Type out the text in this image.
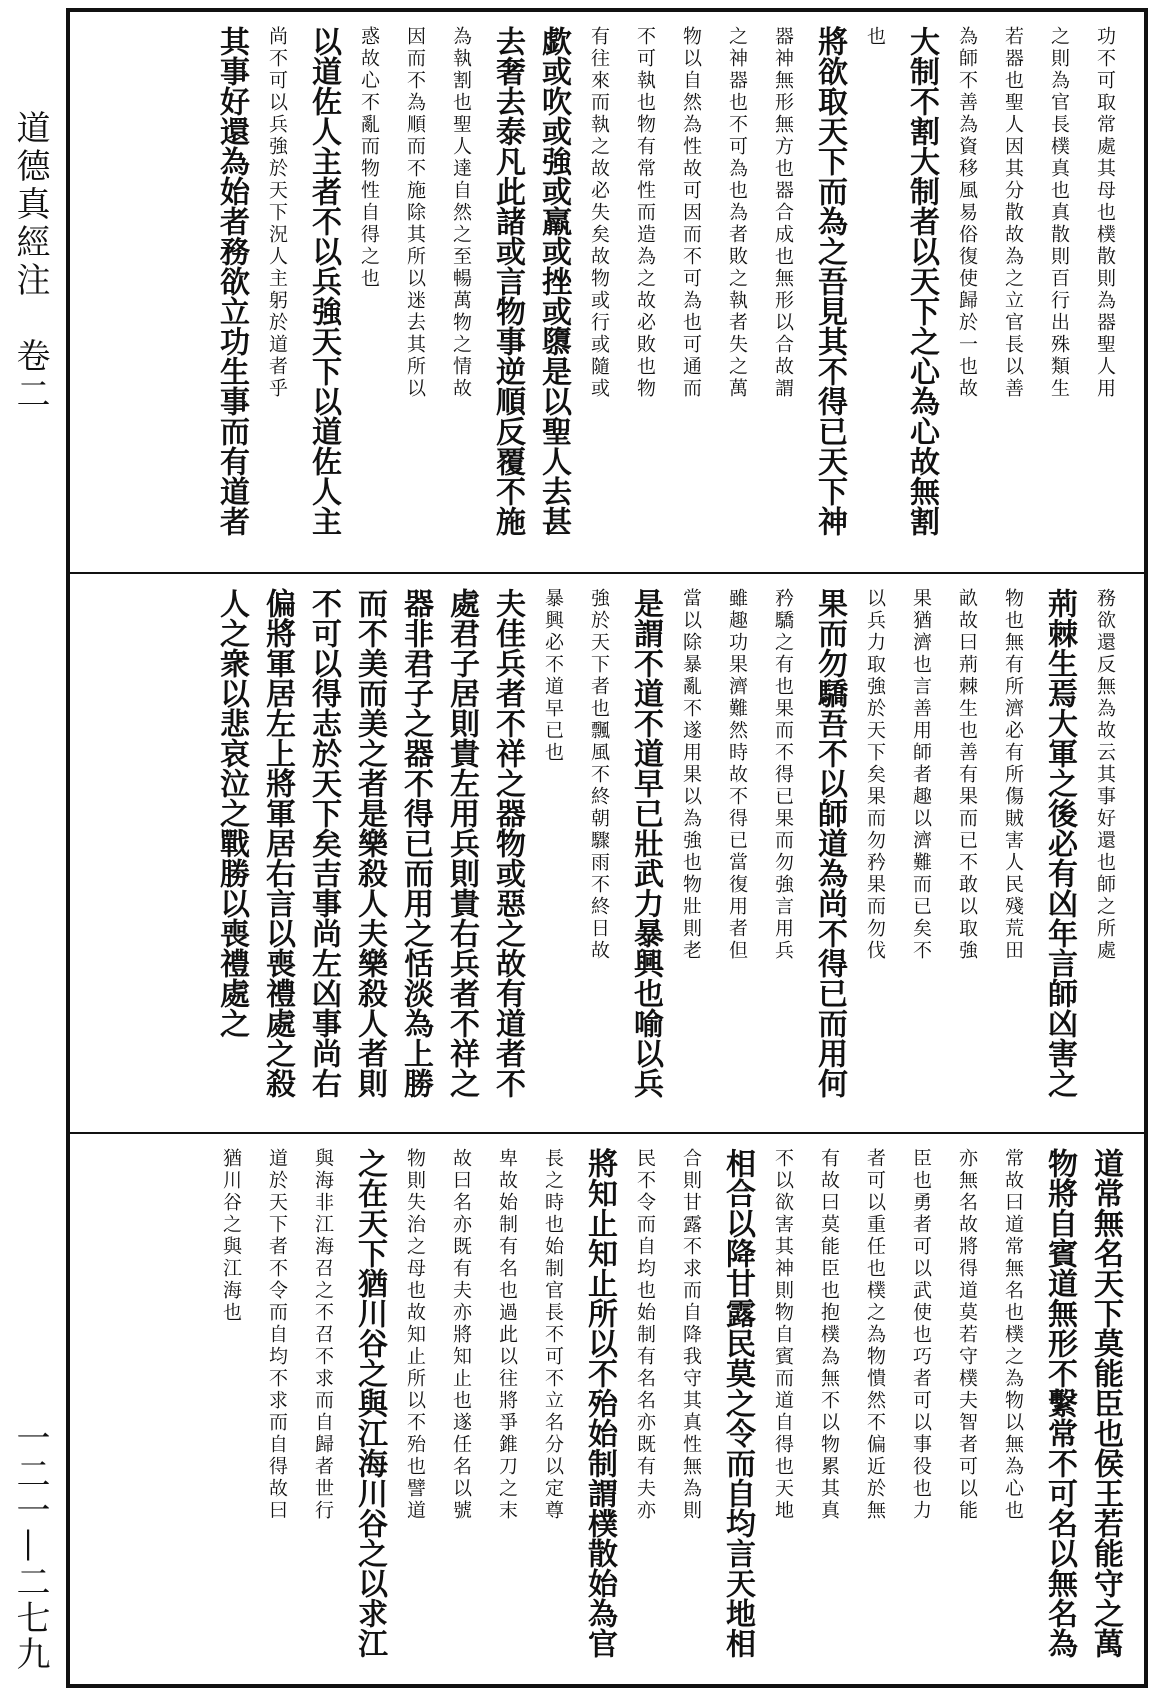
道德真經注　卷二
一二一—二七九
功不可取常處其母也樸散則為器聖人用
之則為官長樸真也真散則百行出殊類生
若器也聖人因其分散故為之立官長以善
為師不善為資移風易俗復使歸於一也故
大制不割大制者以天下之心為心故無割
也
將欲取天下而為之吾見其不得已天下神
器神無形無方也器合成也無形以合故謂
之神器也不可為也為者敗之執者失之萬
物以自然為性故可因而不可為也可通而
不可執也物有常性而造為之故必敗也物
有往來而執之故必失矣故物或行或隨或
歔或吹或強或羸或挫或隳是以聖人去甚
去奢去泰凡此諸或言物事逆順反覆不施
為執割也聖人達自然之至暢萬物之情故
因而不為順而不施除其所以迷去其所以
惑故心不亂而物性自得之也
以道佐人主者不以兵強天下以道佐人主
尚不可以兵強於天下況人主躬於道者乎
其事好還為始者務欲立功生事而有道者
務欲還反無為故云其事好還也師之所處
荊棘生焉大軍之後必有凶年言師凶害之
物也無有所濟必有所傷賊害人民殘荒田
畝故曰荊棘生也善有果而已不敢以取強
果猶濟也言善用師者趣以濟難而已矣不
以兵力取強於天下矣果而勿矜果而勿伐
果而勿驕吾不以師道為尚不得已而用何
矜驕之有也果而不得已果而勿強言用兵
雖趣功果濟難然時故不得已當復用者但
當以除暴亂不遂用果以為強也物壯則老
是謂不道不道早已壯武力暴興也喻以兵
強於天下者也飄風不終朝驟雨不終日故
暴興必不道早已也
夫佳兵者不祥之器物或惡之故有道者不
處君子居則貴左用兵則貴右兵者不祥之
器非君子之器不得已而用之恬淡為上勝
而不美而美之者是樂殺人夫樂殺人者則
不可以得志於天下矣吉事尚左凶事尚右
偏將軍居左上將軍居右言以喪禮處之殺
人之衆以悲哀泣之戰勝以喪禮處之
道常無名天下莫能臣也侯王若能守之萬
物將自賓道無形不繫常不可名以無名為
常故曰道常無名也樸之為物以無為心也
亦無名故將得道莫若守樸夫智者可以能
臣也勇者可以武使也巧者可以事役也力
者可以重任也樸之為物憒然不偏近於無
有故曰莫能臣也抱樸為無不以物累其真
不以欲害其神則物自賓而道自得也天地
相合以降甘露民莫之令而自均言天地相
合則甘露不求而自降我守其真性無為則
民不令而自均也始制有名名亦既有夫亦
將知止知止所以不殆始制謂樸散始為官
長之時也始制官長不可不立名分以定尊
卑故始制有名也過此以往將爭錐刀之末
故曰名亦既有夫亦將知止也遂任名以號
物則失治之母也故知止所以不殆也譬道
之在天下猶川谷之與江海川谷之以求江
與海非江海召之不召不求而自歸者世行
道於天下者不令而自均不求而自得故曰
猶川谷之與江海也
